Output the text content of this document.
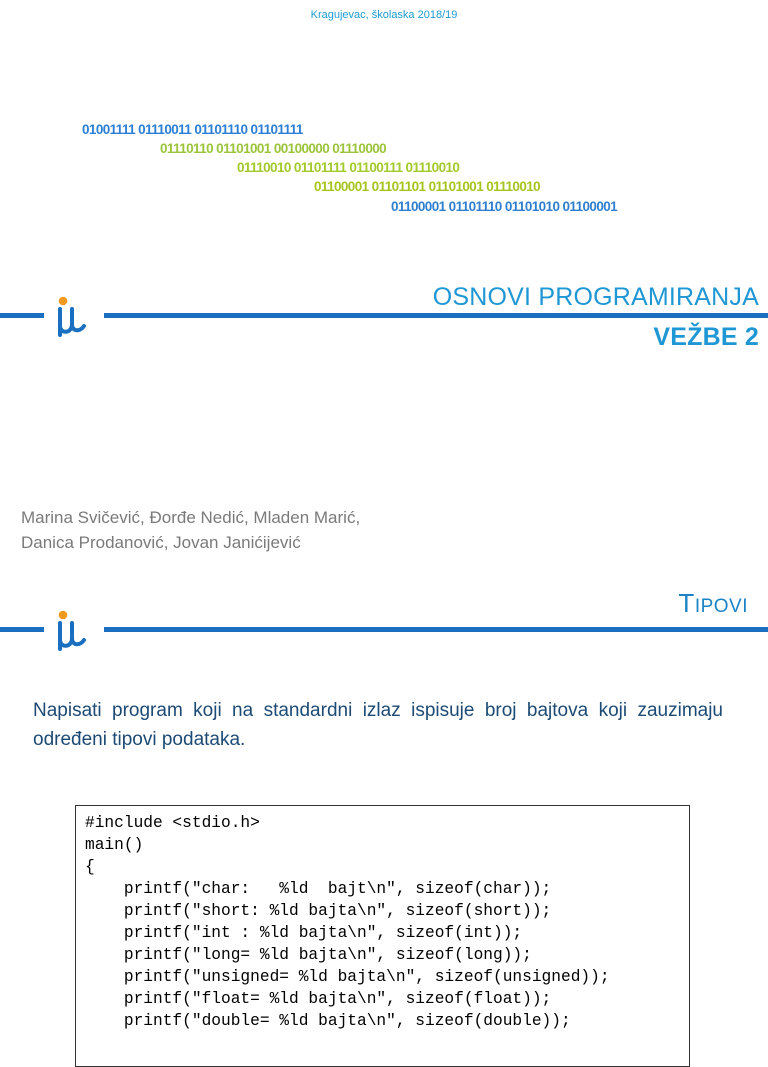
Kragujevac, školaska 2018/19
01001111 01110011 01101110 01101111
01110110 01101001 00100000 01110000
01110010 01101111 01100111 01110010
01100001 01101101 01101001 01110010
01100001 01101110 01101010 01100001
OSNOVI PROGRAMIRANJA
VEŽBE 2
Marina Svičević, Đorđe Nedić, Mladen Marić,
Danica Prodanović, Jovan Janićijević
TIPOVI
Napisati program koji na standardni izlaz ispisuje broj bajtova koji zauzimaju određeni tipovi podataka.
#include <stdio.h>
main()
{
printf("char:   %ld  bajt\n", sizeof(char));
printf("short: %ld bajta\n", sizeof(short));
printf("int : %ld bajta\n", sizeof(int));
printf("long= %ld bajta\n", sizeof(long));
printf("unsigned= %ld bajta\n", sizeof(unsigned));
printf("float= %ld bajta\n", sizeof(float));
printf("double= %ld bajta\n", sizeof(double));
